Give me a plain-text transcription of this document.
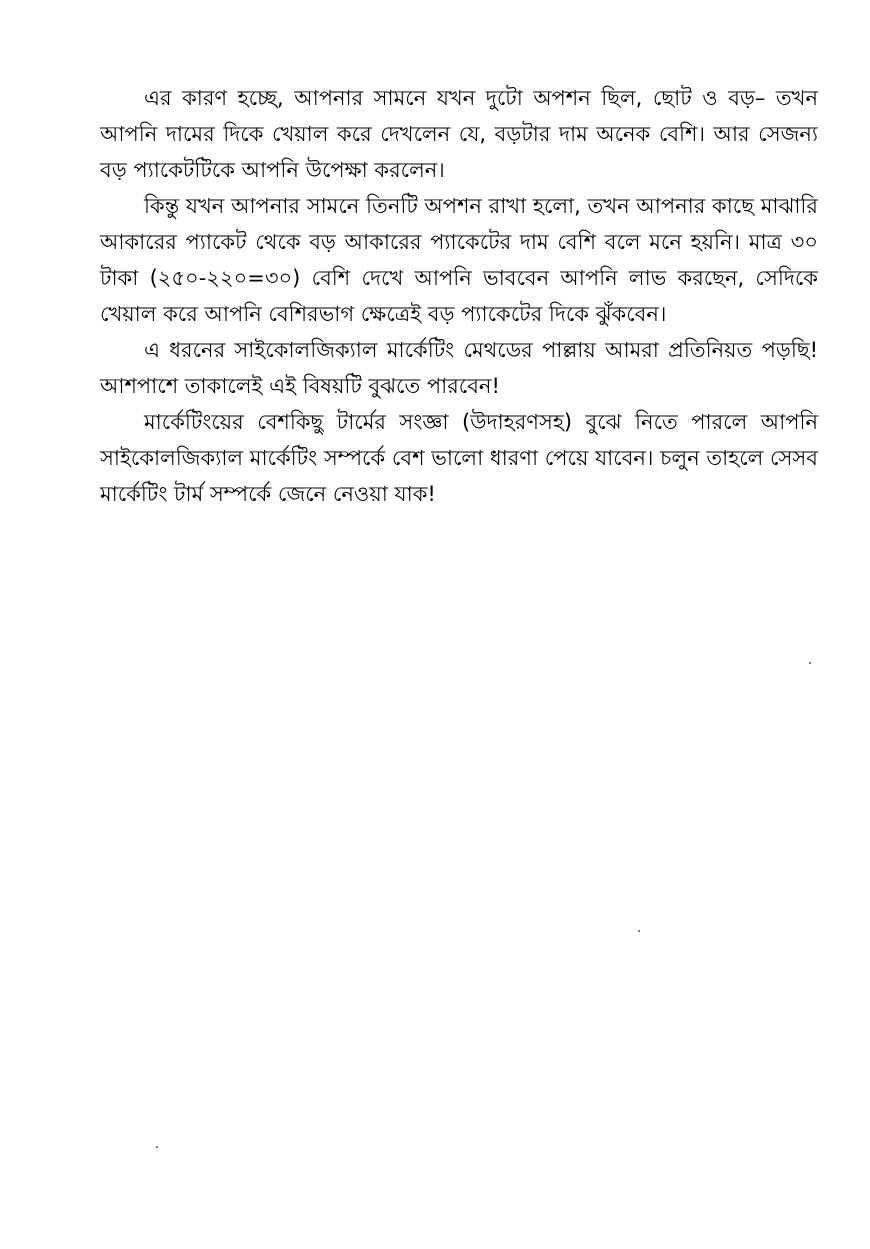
এর কারণ হচ্ছে, আপনার সামনে যখন দুটো অপশন ছিল, ছোট ও বড়– তখন আপনি দামের দিকে খেয়াল করে দেখলেন যে, বড়টার দাম অনেক বেশি। আর সেজন্য বড় প্যাকেটটিকে আপনি উপেক্ষা করলেন।

কিন্তু যখন আপনার সামনে তিনটি অপশন রাখা হলো, তখন আপনার কাছে মাঝারি আকারের প্যাকেট থেকে বড় আকারের প্যাকেটের দাম বেশি বলে মনে হয়নি। মাত্র ৩০ টাকা (২৫০-২২০=৩০) বেশি দেখে আপনি ভাববেন আপনি লাভ করছেন, সেদিকে খেয়াল করে আপনি বেশিরভাগ ক্ষেত্রেই বড় প্যাকেটের দিকে ঝুঁকবেন।

এ ধরনের সাইকোলজিক্যাল মার্কেটিং মেথডের পাল্লায় আমরা প্রতিনিয়ত পড়ছি! আশপাশে তাকালেই এই বিষয়টি বুঝতে পারবেন!

মার্কেটিংয়ের বেশকিছু টার্মের সংজ্ঞা (উদাহরণসহ) বুঝে নিতে পারলে আপনি সাইকোলজিক্যাল মার্কেটিং সম্পর্কে বেশ ভালো ধারণা পেয়ে যাবেন। চলুন তাহলে সেসব মার্কেটিং টার্ম সম্পর্কে জেনে নেওয়া যাক!
